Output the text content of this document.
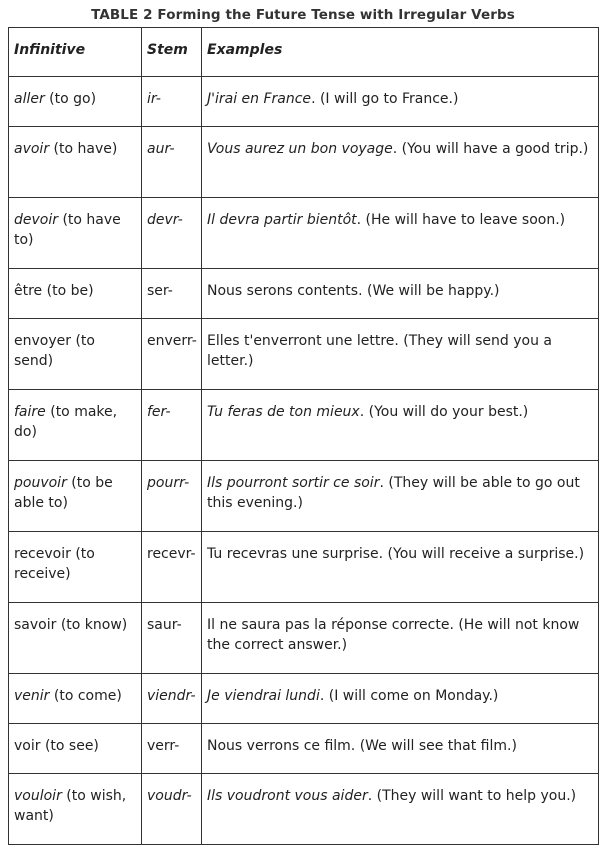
TABLE 2 Forming the Future Tense with Irregular Verbs
Infinitive	Stem	Examples
aller (to go)	ir-	J'irai en France. (I will go to France.)
avoir (to have)	aur-	Vous aurez un bon voyage. (You will have a good trip.)
devoir (to have to)	devr-	Il devra partir bientôt. (He will have to leave soon.)
être (to be)	ser-	Nous serons contents. (We will be happy.)
envoyer (to send)	enverr-	Elles t'enverront une lettre. (They will send you a letter.)
faire (to make, do)	fer-	Tu feras de ton mieux. (You will do your best.)
pouvoir (to be able to)	pourr-	Ils pourront sortir ce soir. (They will be able to go out this evening.)
recevoir (to receive)	recevr-	Tu recevras une surprise. (You will receive a surprise.)
savoir (to know)	saur-	Il ne saura pas la réponse correcte. (He will not know the correct answer.)
venir (to come)	viendr-	Je viendrai lundi. (I will come on Monday.)
voir (to see)	verr-	Nous verrons ce film. (We will see that film.)
vouloir (to wish, want)	voudr-	Ils voudront vous aider. (They will want to help you.)
